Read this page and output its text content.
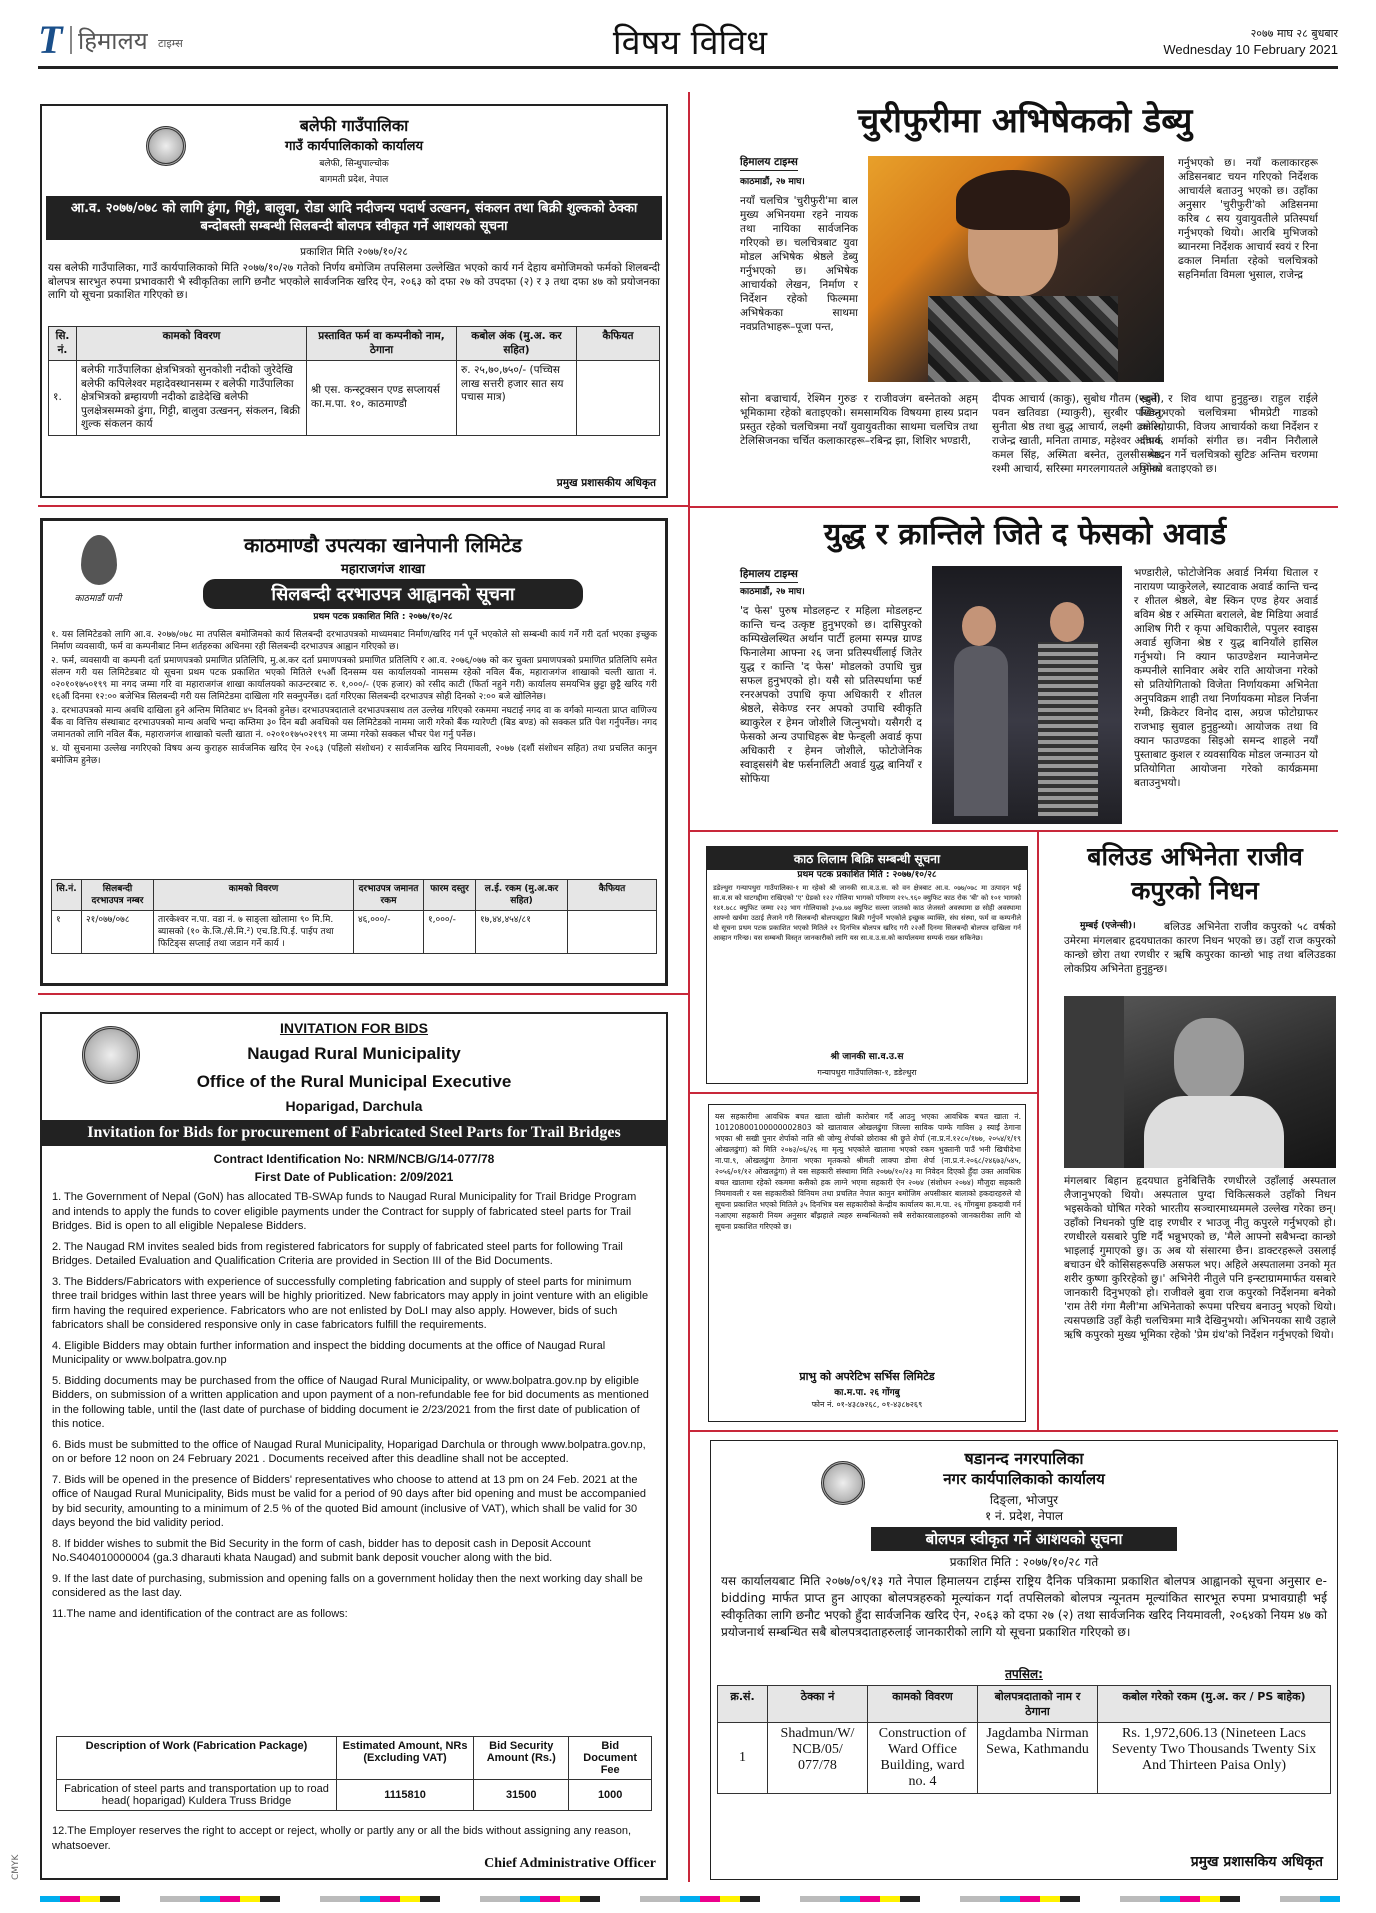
T हिमालय टाइम्स	विषय विविध	२०७७ माघ २८ बुधबार
Wednesday 10 February 2021
बलेफी गाउँपालिका
गाउँ कार्यपालिकाको कार्यालय
बलेफी, सिन्धुपाल्चोक
बागमती प्रदेश, नेपाल
आ.व. २०७७/०७८ को लागि ढुंगा, गिट्टी, बालुवा, रोडा आदि नदीजन्य पदार्थ उत्खनन, संकलन तथा बिक्री शुल्कको ठेक्का बन्दोबस्ती सम्बन्धी सिलबन्दी बोलपत्र स्वीकृत गर्ने आशयको सूचना
प्रकाशित मिति २०७७/१०/२८
यस बलेफी गाउँपालिका, गाउँ कार्यपालिकाको मिति २०७७/१०/२७ गतेको निर्णय बमोजिम तपसिलमा उल्लेखित भएको कार्य गर्न देहाय बमोजिमको फर्मको शिलबन्दी बोलपत्र सारभुत रुपमा प्रभावकारी भै स्वीकृतिका लागि छनौट भएकोले सार्वजनिक खरिद ऐन, २०६३ को दफा २७ को उपदफा (२) र ३ तथा दफा ४७ को प्रयोजनका लागि यो सूचना प्रकाशित गरिएको छ।
सि. नं.	कामको विवरण	प्रस्तावित फर्म वा कम्पनीको नाम, ठेगाना	कबोल अंक (मु.अ. कर सहित)	कैफियत
१.	बलेफी गाउँपालिका क्षेत्रभित्रको सुनकोशी नदीको जुरेदेखि बलेफी कपिलेश्वर महादेवस्थानसम्म र बलेफी गाउँपालिका क्षेत्रभित्रको ब्रम्हायणी नदीको ढाडेदेखि बलेफी पुलक्षेत्रसम्मको ढुंगा, गिट्टी, बालुवा उत्खनन्, संकलन, बिक्री शुल्क संकलन कार्य	श्री एस. कन्स्ट्रक्सन एण्ड सप्लायर्स का.म.पा. १०, काठमाण्डौ	रु. २५,७०,७५०/- (पच्चिस लाख सत्तरी हजार सात सय पचास मात्र)	
प्रमुख प्रशासकीय अधिकृत
काठमाडौं पानी
काठमाण्डौ उपत्यका खानेपानी लिमिटेड
महाराजगंज शाखा
सिलबन्दी दरभाउपत्र आह्वानको सूचना
प्रथम पटक प्रकाशित मिति : २०७७/१०/२८
१. यस लिमिटेडको लागि आ.व. २०७७/०७८ मा तपसिल बमोजिमको कार्य सिलबन्दी दरभाउपत्रको माध्यमबाट निर्माण/खरिद गर्न पूर्ने भएकोले सो सम्बन्धी कार्य गर्ने गरी दर्ता भएका इच्छुक निर्माण व्यवसायी, फर्म वा कम्पनीबाट निम्न शर्तहरुका अधिनमा रही सिलबन्दी दरभाउपत्र आह्वान गरिएको छ।
२. फर्म, व्यवसायी वा कम्पनी दर्ता प्रमाणपत्रको प्रमाणित प्रतिलिपि, मु.अ.कर दर्ता प्रमाणपत्रको प्रमाणित प्रतिलिपि र आ.व. २०७६/०७७ को कर चुक्ता प्रमाणपत्रको प्रमाणित प्रतिलिपि समेत संलग्न गरी यस लिमिटेडबाट यो सूचना प्रथम पटक प्रकाशित भएको मितिले १५औं दिनसम्म यस कार्यालयको नामसम्म रहेको नविल बैंक, महाराजगंज शाखाको चल्ती खाता नं. ०२०१०१७५०१९९ मा नगद जम्मा गरि वा महाराजगंज शाखा कार्यालयको काउन्टरबाट रु. १,०००/- (एक हजार) को रसीद काटी (फिर्ता नहुने गरी) कार्यालय समयभित्र छुट्टा छुट्टै खरिद गरी १६औं दिनमा १२:०० बजेभित्र सिलबन्दी गरी यस लिमिटेडमा दाखिला गरि सक्नुपर्नेछ। दर्ता गरिएका सिलबन्दी दरभाउपत्र सोही दिनको २:०० बजे खोलिनेछ।
३. दरभाउपत्रको मान्य अवधि दाखिला हुने अन्तिम मितिबाट ४५ दिनको हुनेछ। दरभाउपत्रदाताले दरभाउपत्रसाथ तल उल्लेख गरिएको रकममा नघटाई नगद वा क वर्गको मान्यता प्राप्त वाणिज्य बैंक वा वित्तिय संस्थाबाट दरभाउपत्रको मान्य अवधि भन्दा कम्तिमा ३० दिन बढी अवधिको यस लिमिटेडको नाममा जारी गरेको बैंक ग्यारेण्टी (बिड बण्ड) को सक्कल प्रति पेश गर्नुपर्नेछ। नगद जमानतको लागि नविल बैंक, महाराजगंज शाखाको चल्ती खाता नं. ०२०१०१७५०२१९९ मा जम्मा गरेको सक्कल भौचर पेश गर्नु पर्नेछ।
४. यो सुचनामा उल्लेख नगरिएको विषय अन्य कुराहरु सार्वजनिक खरिद ऐन २०६३ (पहिलो संशोधन) र सार्वजनिक खरिद नियमावली, २०७७ (दशौं संशोधन सहित) तथा प्रचलित कानुन बमोजिम हुनेछ।
सि.नं.	सिलबन्दी दरभाउपत्र नम्बर	कामको विवरण	दरभाउपत्र जमानत रकम	फारम दस्तुर	ल.ई. रकम (मु.अ.कर सहित)	कैफियत
१	२१/०७७/०७८	तारकेश्वर न.पा. वडा नं. ७ साङ्ला खोलामा ९० मि.मि. ब्यासको (१० के.जि./से.मि.²) एच.डि.पि.ई. पाईप तथा फिटिङ्स सप्लाई तथा जडान गर्ने कार्य ।	४६,०००/-	१,०००/-	१७,४४,४५४/८१	
INVITATION FOR BIDS
Naugad Rural Municipality
Office of the Rural Municipal Executive
Hoparigad, Darchula
Invitation for Bids for procurement of Fabricated Steel Parts for Trail Bridges
Contract Identification No: NRM/NCB/G/14-077/78
First Date of Publication: 2/09/2021

1. The Government of Nepal (GoN) has allocated TB-SWAp funds to Naugad Rural Municipality for Trail Bridge Program and intends to apply the funds to cover eligible payments under the Contract for supply of fabricated steel parts for Trail Bridges. Bid is open to all eligible Nepalese Bidders.

2. The Naugad RM invites sealed bids from registered fabricators for supply of fabricated steel parts for following Trail Bridges. Detailed Evaluation and Qualification Criteria are provided in Section III of the Bid Documents.

3. The Bidders/Fabricators with experience of successfully completing fabrication and supply of steel parts for minimum three trail bridges within last three years will be highly prioritized. New fabricators may apply in joint venture with an eligible firm having the required experience. Fabricators who are not enlisted by DoLI may also apply. However, bids of such fabricators shall be considered responsive only in case fabricators fulfill the requirements.

4. Eligible Bidders may obtain further information and inspect the bidding documents at the office of Naugad Rural Municipality or www.bolpatra.gov.np

5. Bidding documents may be purchased from the office of Naugad Rural Municipality, or www.bolpatra.gov.np by eligible Bidders, on submission of a written application and upon payment of a non-refundable fee for bid documents as mentioned in the following table, until the (last date of purchase of bidding document ie 2/23/2021 from the first date of publication of this notice.

6. Bids must be submitted to the office of Naugad Rural Municipality, Hoparigad Darchula or through www.bolpatra.gov.np, on or before 12 noon on 24 February 2021 . Documents received after this deadline shall not be accepted.

7. Bids will be opened in the presence of Bidders' representatives who choose to attend at 13 pm on 24 Feb. 2021 at the office of Naugad Rural Municipality, Bids must be valid for a period of 90 days after bid opening and must be accompanied by bid security, amounting to a minimum of 2.5 % of the quoted Bid amount (inclusive of VAT), which shall be valid for 30 days beyond the bid validity period.

8. If bidder wishes to submit the Bid Security in the form of cash, bidder has to deposit cash in Deposit Account No.S404010000004 (ga.3 dharauti khata Naugad) and submit bank deposit voucher along with the bid.

9. If the last date of purchasing, submission and opening falls on a government holiday then the next working day shall be considered as the last day.

11.The name and identification of the contract are as follows:

Description of Work (Fabrication Package)	Estimated Amount, NRs (Excluding VAT)	Bid Security Amount (Rs.)	Bid Document Fee
Fabrication of steel parts and transportation up to road head( hoparigad) Kuldera Truss Bridge	1115810	31500	1000
12.The Employer reserves the right to accept or reject, wholly or partly any or all the bids without assigning any reason, whatsoever.
Chief Administrative Officer
चुरीफुरीमा अभिषेकको डेब्यु
हिमालय टाइम्स
काठमाडौं, २७ माघ।
नयाँ चलचित्र 'चुरीफुरी'मा बाल मुख्य अभिनयमा रहने नायक तथा नायिका सार्वजनिक गरिएको छ। चलचित्रबाट युवा मोडल अभिषेक श्रेष्ठले डेब्यु गर्नुभएको छ। अभिषेक आचार्यको लेखन, निर्माण र निर्देशन रहेको फिल्ममा अभिषेकका साथमा नवप्रतिभाहरू–पूजा पन्त,
सोना बज्राचार्य, रेश्मिन गुरुङ र राजीवजंग बस्नेतको अहम् भूमिकामा रहेको बताइएको। समसामयिक विषयमा हास्य प्रदान प्रस्तुत रहेको चलचित्रमा नयाँ युवायुवतीका साथमा चलचित्र तथा टेलिसिजनका चर्चित कलाकारहरू–रबिन्द्र झा, शिशिर भण्डारी,
दीपक आचार्य (काकु), सुबोध गौतम (एदुमे), पवन खतिवडा (म्याकुरी), सुरबीर पण्डित, सुनीता श्रेष्ठ तथा बुद्ध आचार्य, लक्ष्मी ढकाल, राजेन्द्र खाती, मनिता तामाङ, महेश्वर आचार्य, कमल सिंह, अस्मिता बस्नेत, तुलसी श्रेष्ठ, रश्मी आचार्य, सरिस्मा मगरलगायतले अभिनय
गर्नुभएको छ। नयाँ कलाकारहरू अडिसनबाट चयन गरिएको निर्देशक आचार्यले बताउनु भएको छ। उहाँका अनुसार 'चुरीफुरी'को अडिसनमा करिब ८ सय युवायुवतीले प्रतिस्पर्धा गर्नुभएको थियो। आरबि मुभिजको ब्यानरमा निर्देशक आचार्य स्वयं र रिना ढकाल निर्माता रहेको चलचित्रको सहनिर्माता विमला भुसाल, राजेन्द्र
खाती र शिव थापा हुनुहुन्छ। राहुल राईले खिच्नुभएको चलचित्रमा भीमप्रेटी गाडको कोरियोग्राफी, विजय आचार्यको कथा निर्देशन र दीपक शर्माको संगीत छ। नवीन निरौलाले सम्पादन गर्ने चलचित्रको सुटिङ अन्तिम चरणमा पुगेको बताइएको छ।
युद्ध र क्रान्तिले जिते द फेसको अवार्ड
हिमालय टाइम्स
काठमाडौं, २७ माघ।
'द फेस' पुरुष मोडलहन्ट र महिला मोडलहन्ट कान्ति चन्द उत्कृष्ट हुनुभएको छ। दासिपुरको कम्पिखेलस्थित अर्थान पार्टी हलमा सम्पन्न ग्राण्ड फिनालेमा आफ्ना २६ जना प्रतिस्पर्धीलाई जितेर युद्ध र कान्ति 'द फेस' मोडलको उपाधि चुन्न सफल हुनुभएको हो। यसै सो प्रतिस्पर्धामा फर्ष्ट रनरअपको उपाधि कृपा अधिकारी र शीतल श्रेष्ठले, सेकेण्ड रनर अपको उपाधि स्वीकृति ब्याकुरेल र हेमन जोशीले जित्नुभयो। यसैगरी द फेसको अन्य उपाधिहरू बेष्ट फेन्ड्ली अवार्ड कृपा अधिकारी र हेमन जोशीले, फोटोजेनिक स्वाड्ससंगै बेष्ट फर्सनालिटी अवार्ड युद्ध बानियाँ र सोफिया
भण्डारीले, फोटोजेनिक अवार्ड निर्मया धिताल र नारायण प्याकुरेलले, स्याटवाक अवार्ड कान्ति चन्द र शीतल श्रेष्ठले, बेष्ट स्किन एण्ड हेयर अवार्ड बविम श्रेष्ठ र अस्मिता बरालले, बेष्ट मिडिया अवार्ड आशिष गिरी र कृपा अधिकारीले, पपुलर स्वाइस अवार्ड सुजिना श्रेष्ठ र युद्ध बानियाँले हासिल गर्नुभयो। नि क्यान फाउण्डेशन म्यानेजमेन्ट कम्पनीले सानिवार अबेर राति आयोजना गरेको सो प्रतियोगिताको विजेता निर्णायकमा अभिनेता अनुपविक्रम शाही तथा निर्णायकमा मोडल निर्जना रेग्मी, क्रिकेटर विनोद दास, अग्रज फोटोग्राफर राजभाइ सुवाल हुनुहुन्थ्यो। आयोजक तथा वि क्यान फाउण्डका सिइओ समन्द शाहले नयाँ पुस्ताबाट कुशल र व्यवसायिक मोडल जन्माउन यो प्रतियोगिता आयोजना गरेको कार्यक्रममा बताउनुभयो।
काठ लिलाम बिक्रि सम्बन्धी सूचना
प्रथम पटक प्रकाशित मिति : २०७७/१०/२८
डडेल्धुरा गन्यापधुरा गाउँपालिका-१ मा रहेको श्री जानकी सा.व.उ.स. को वन क्षेत्रबाट आ.व. ०७७/०७८ मा उत्पादन भई सा.व.स को घाटगद्दीमा राखिएको 'ए' ग्रेडको १२२ गोलिया भागको परिमाण २१५.९६० क्युफिट काठ रोक 'बी' को १०१ भागको १४१.७८८ क्युफिट जम्मा २२३ भाग गोलियाको ३५७.७४ क्युफिट सल्ला जातको काठ जेजस्तो अवस्थामा छ सोही अवस्थामा आफ्नो खर्चमा उठाई लैजाने गरी सिलबन्दी बोलपत्रद्वारा बिक्री गर्नुपर्ने भएकोले इच्छुक व्याक्ति, संघ संस्था, फर्म वा कम्पनीले यो सूचना प्रथम पटक प्रकाशित भएको मितिले २१ दिनभित्र बोलपत्र खरिद गरी २२औं दिनमा सिलबन्दी बोलपत्र दाखिला गर्न आव्हान गरिन्छ। यस सम्बन्धी विस्तृत जानकारीको लागि यस सा.व.उ.स.को कार्यालयमा सम्पर्क राख्न सकिनेछ।
श्री जानकी सा.व.उ.स
गन्यापधुरा गाउँपालिका-१, डडेल्धुरा
यस सहकारीमा आवधिक बचत खाता खोली कारोबार गर्दै आउनु भएका आवधिक बचत खाता नं. 10120800100000002803 को खातावाल ओखलढुंगा जिल्ला साविक पाम्फे गाविस ३ स्याईं ठेगाना भएका श्री सखी पुनार शेर्पाको नाति श्री जोग्यु शेर्पाको छोराका श्री छ्रुते शेर्पा (ना.प्र.नं.१२८०/१७७, २०५४/१/१९ ओखलढुंगा) को मिति २०७३/०६/२६ मा मृत्यु भएकोले खातामा भएको रकम भुक्तानी पाउँ भनी खिचीदेभा ना.पा.९, ओखलढुंगा ठेगाना भएका मृतकको श्रीमती लाक्पा डोमा शेर्पा (ना.प्र.नं.२०६८/२४६७३/५४५, २०५६/०१/१२ ओखलढुंगा) ले यस सहकारी संस्थामा मिति २०७७/१०/२३ मा निवेदन दिएको हुँदा उक्त आवधिक बचत खातामा रहेको रकममा कसैको हक लाग्ने भएमा सहकारी ऐन २०७४ (संशोधन २०७४) मौजुदा सहकारी नियमावली र यस सहकारीको विनियम तथा प्रचलित नेपाल कानुन बमोजिम अपसीकार बालाको हकदारहरुले यो सूचना प्रकाशित भएको मितिले ३५ दिनभित्र यस सहकारीको केन्द्रीय कार्यालय का.म.पा. २६ गोंगबुमा हकदावी गर्न नआएमा सहकारी नियम अनुसार बाँझहाले त्यहरु सम्बन्धितको सबै सरोकारवालाहरुको जानकारीका लागि यो सूचना प्रकाशित गरिएको छ।
प्राभु को अपरेटिभ सर्भिस लिमिटेड
का.म.पा. २६ गोंगबु
फोन नं. ०१-४३८७२६८, ०१-४३८७२६९
बलिउड अभिनेता राजीव कपुरको निधन
मुम्बई (एजेन्सी)।	बलिउड अभिनेता राजीव कपुरको ५८ वर्षको उमेरमा मंगलबार हृदयघातका कारण निधन भएको छ। उहाँ राज कपुरको कान्छो छोरा तथा रणधीर र ऋषि कपुरका कान्छो भाइ तथा बलिउडका लोकप्रिय अभिनेता हुनुहुन्छ।
मंगलबार बिहान हृदयघात हुनेबित्तिकै रणधीरले उहाँलाई अस्पताल लैजानुभएको थियो। अस्पताल पुग्दा चिकित्सकले उहाँको निधन भइसकेको घोषित गरेको भारतीय सञ्चारमाध्यममले उल्लेख गरेका छन्। उहाँको निधनको पुष्टि दाइ रणधीर र भाउजू नीतु कपुरले गर्नुभएको हो। रणधीरले यसबारे पुष्टि गर्दै भन्नुभएको छ, 'मैले आफ्नो सबैभन्दा कान्छो भाइलाई गुमाएको छु। ऊ अब यो संसारमा छैन। डाक्टरहरूले उसलाई बचाउन धेरै कोसिसहरूपछि असफल भए। अहिले अस्पतालमा उनको मृत शरीर कुष्णा कुरिरहेको छु।' अभिनेरी नीतुले पनि इन्स्टाग्राममार्फत यसबारे जानकारी दिनुभएको हो। राजीवले बुवा राज कपुरको निर्देशनमा बनेको 'राम तेरी गंगा मैली'मा अभिनेताको रूपमा परिचय बनाउनु भएको थियो। त्यसपछाडि उहाँ केही चलचित्रमा मात्रै देखिनुभयो। अभिनयका साथै उहाले ऋषि कपुरको मुख्य भूमिका रहेको 'प्रेम ग्रंथ'को निर्देशन गर्नुभएको थियो।
षडानन्द नगरपालिका
नगर कार्यपालिकाको कार्यालय
दिङ्ला, भोजपुर
१ नं. प्रदेश, नेपाल
बोलपत्र स्वीकृत गर्ने आशयको सूचना
प्रकाशित मिति : २०७७/१०/२८ गते
यस कार्यालयबाट मिति २०७७/०९/१३ गते नेपाल हिमालयन टाईम्स राष्ट्रिय दैनिक पत्रिकामा प्रकाशित बोलपत्र आह्वानको सूचना अनुसार e-bidding मार्फत प्राप्त हुन आएका बोलपत्रहरुको मूल्यांकन गर्दा तपसिलको बोलपत्र न्यूनतम मूल्यांकित सारभूत रुपमा प्रभावग्राही भई स्वीकृतिका लागि छनौट भएको हुँदा सार्वजनिक खरिद ऐन, २०६३ को दफा २७ (२) तथा सार्वजनिक खरिद नियमावली, २०६४को नियम ४७ को प्रयोजनार्थ सम्बन्धित सबै बोलपत्रदाताहरुलाई जानकारीको लागि यो सूचना प्रकाशित गरिएको छ।
तपसिल:
क्र.सं.	ठेक्का नं	कामको विवरण	बोलपत्रदाताको नाम र ठेगाना	कबोल गरेको रकम (मु.अ. कर / PS बाहेक)
1	Shadmun/W/ NCB/05/ 077/78	Construction of Ward Office Building, ward no. 4	Jagdamba Nirman Sewa, Kathmandu	Rs. 1,972,606.13 (Nineteen Lacs Seventy Two Thousands Twenty Six And Thirteen Paisa Only)
प्रमुख प्रशासकिय अधिकृत
CMYK
